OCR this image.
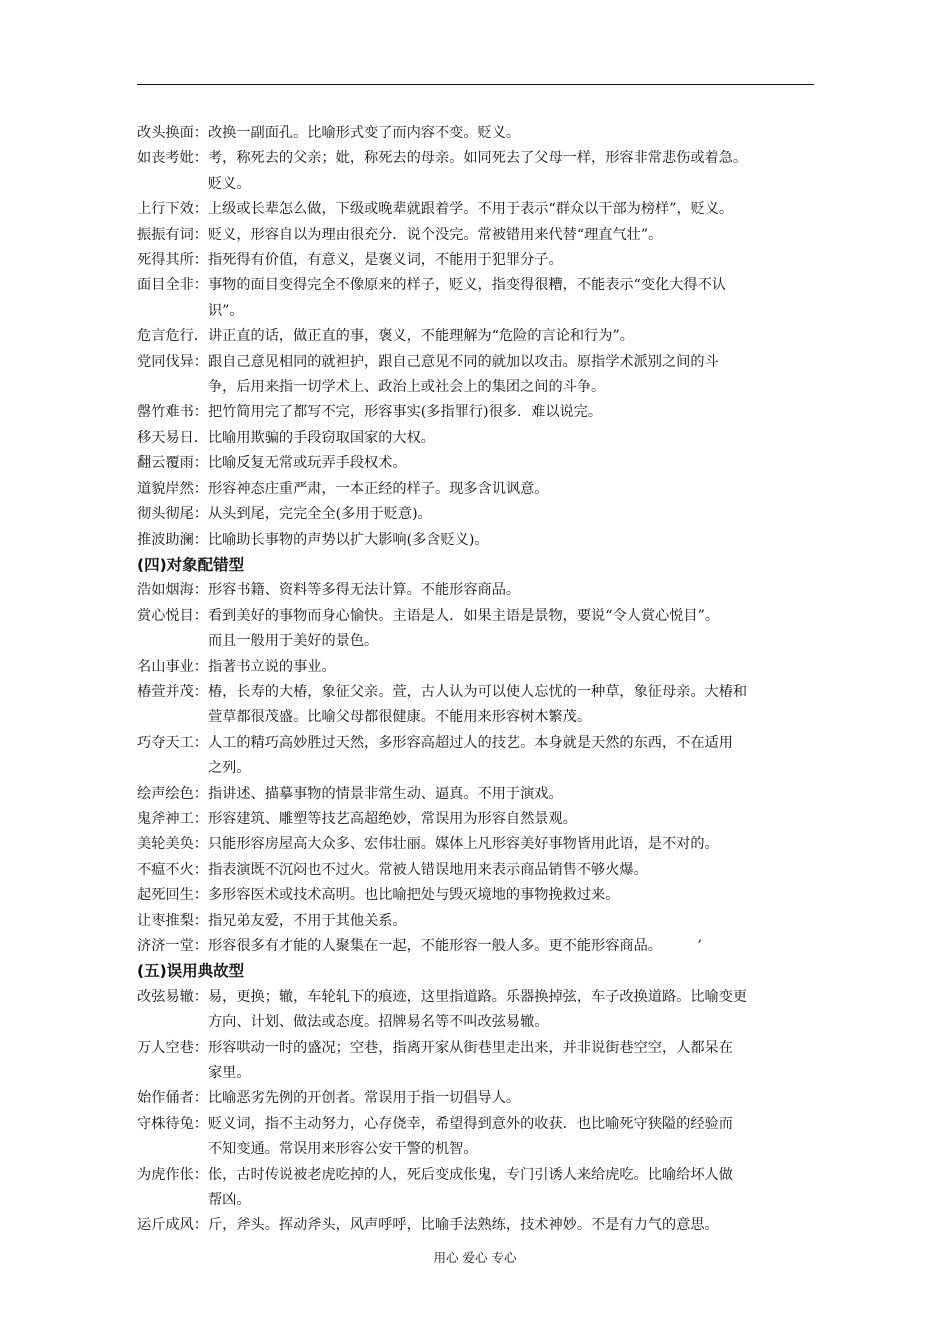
改头换面： 改换一副面孔。比喻形式变了而内容不变。贬义。
如丧考妣： 考，称死去的父亲；妣，称死去的母亲。如同死去了父母一样，形容非常悲伤或着急。
贬义。
上行下效： 上级或长辈怎么做，下级或晚辈就跟着学。不用于表示“群众以干部为榜样”，贬义。
振振有词： 贬义，形容自以为理由很充分．说个没完。常被错用来代替“理直气壮”。
死得其所： 指死得有价值，有意义，是褒义词，不能用于犯罪分子。
面目全非： 事物的面目变得完全不像原来的样子，贬义，指变得很糟，不能表示“变化大得不认
识”。
危言危行． 讲正直的话，做正直的事，褒义，不能理解为“危险的言论和行为”。
党同伐异： 跟自己意见相同的就袒护，跟自己意见不同的就加以攻击。原指学术派别之间的斗
争，后用来指一切学术上、政治上或社会上的集团之间的斗争。
罄竹难书： 把竹简用完了都写不完，形容事实(多指罪行)很多．难以说完。
移天易日． 比喻用欺骗的手段窃取国家的大权。
翻云覆雨： 比喻反复无常或玩弄手段权术。
道貌岸然： 形容神态庄重严肃，一本正经的样子。现多含讥讽意。
彻头彻尾： 从头到尾，完完全全(多用于贬意)。
推波助澜： 比喻助长事物的声势以扩大影响(多含贬义)。
(四)对象配错型
浩如烟海： 形容书籍、资料等多得无法计算。不能形容商品。
赏心悦目： 看到美好的事物而身心愉快。主语是人．如果主语是景物，要说“令人赏心悦目”。
而且一般用于美好的景色。
名山事业： 指著书立说的事业。
椿萱并茂： 椿，长寿的大椿，象征父亲。萱，古人认为可以使人忘忧的一种草，象征母亲。大椿和
萱草都很茂盛。比喻父母都很健康。不能用来形容树木繁茂。
巧夺天工： 人工的精巧高妙胜过天然，多形容高超过人的技艺。本身就是天然的东西，不在适用
之列。
绘声绘色： 指讲述、描摹事物的情景非常生动、逼真。不用于演戏。
鬼斧神工： 形容建筑、雕塑等技艺高超绝妙，常误用为形容自然景观。
美轮美奂： 只能形容房屋高大众多、宏伟壮丽。媒体上凡形容美好事物皆用此语，是不对的。
不瘟不火： 指表演既不沉闷也不过火。常被人错误地用来表示商品销售不够火爆。
起死回生： 多形容医术或技术高明。也比喻把处与毁灭境地的事物挽救过来。
让枣推梨： 指兄弟友爱，不用于其他关系。
济济一堂： 形容很多有才能的人聚集在一起，不能形容一般人多。更不能形容商品。　　　’
(五)误用典故型
改弦易辙： 易，更换；辙，车轮轧下的痕迹，这里指道路。乐器换掉弦，车子改换道路。比喻变更
方向、计划、做法或态度。招牌易名等不叫改弦易辙。
万人空巷： 形容哄动一时的盛况；空巷，指离开家从街巷里走出来，并非说街巷空空，人都呆在
家里。
始作俑者： 比喻恶劣先例的开创者。常误用于指一切倡导人。
守株待兔： 贬义词，指不主动努力，心存侥幸，希望得到意外的收获．也比喻死守狭隘的经验而
不知变通。常误用来形容公安干警的机智。
为虎作伥： 伥，古时传说被老虎吃掉的人，死后变成伥鬼，专门引诱人来给虎吃。比喻给坏人做
帮凶。
运斤成风： 斤，斧头。挥动斧头，风声呼呼，比喻手法熟练，技术神妙。不是有力气的意思。
用心 爱心 专心
